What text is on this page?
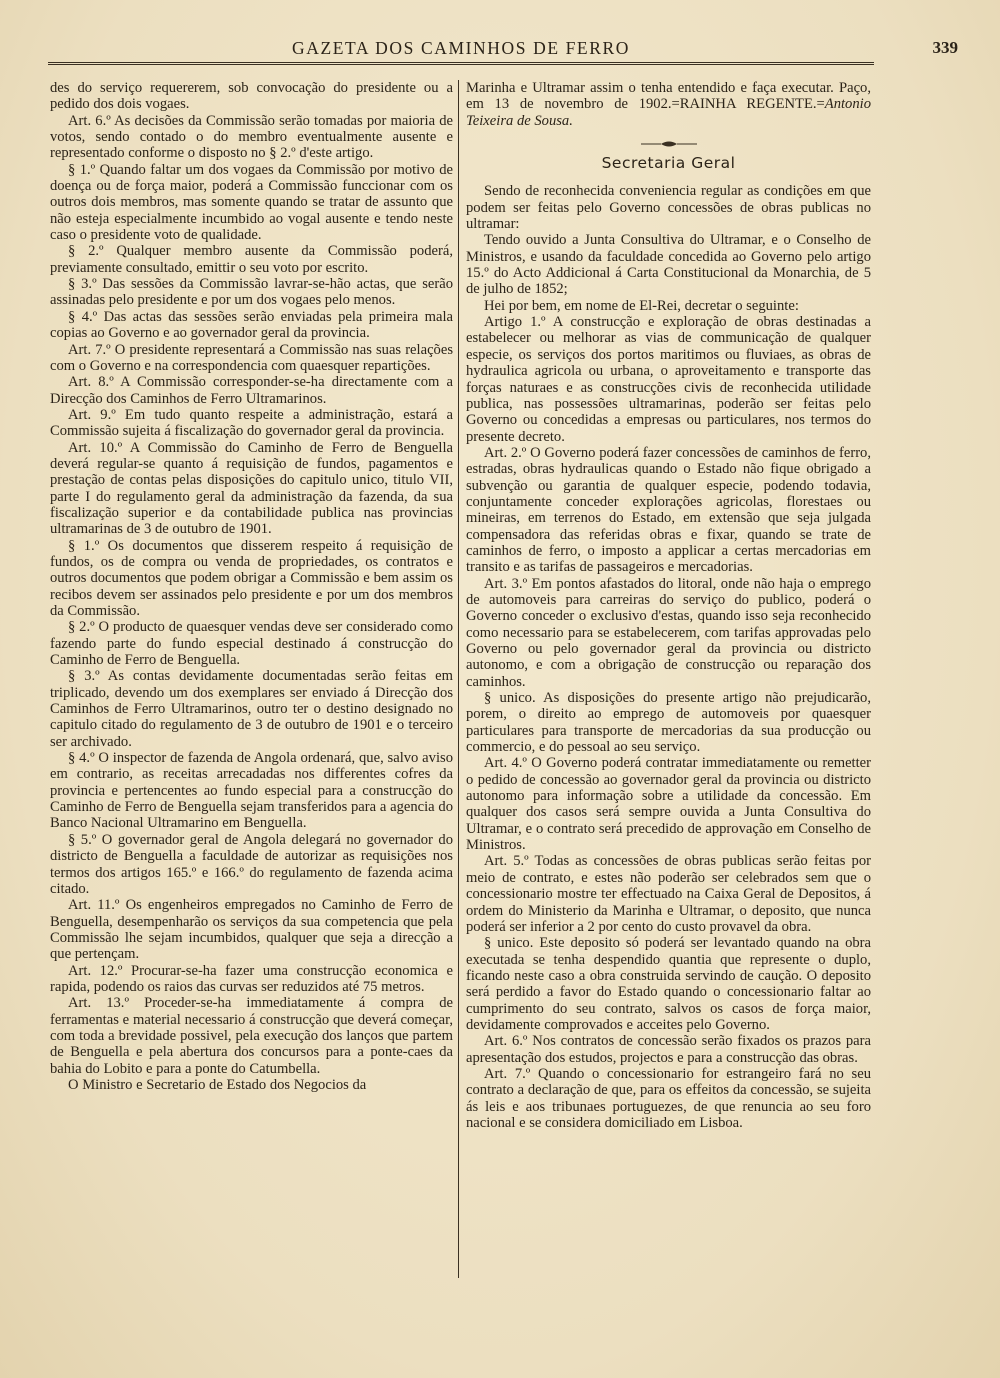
GAZETA DOS CAMINHOS DE FERRO	339

des do serviço requererem, sob convocação do presidente ou a pedido dos dois vogaes.

Art. 6.º As decisões da Commissão serão tomadas por maioria de votos, sendo contado o do membro eventualmente ausente e representado conforme o disposto no § 2.º d'este artigo.

§ 1.º Quando faltar um dos vogaes da Commissão por motivo de doença ou de força maior, poderá a Commissão funccionar com os outros dois membros, mas somente quando se tratar de assunto que não esteja especialmente incumbido ao vogal ausente e tendo neste caso o presidente voto de qualidade.

§ 2.º Qualquer membro ausente da Commissão poderá, previamente consultado, emittir o seu voto por escrito.

§ 3.º Das sessões da Commissão lavrar-se-hão actas, que serão assinadas pelo presidente e por um dos vogaes pelo menos.

§ 4.º Das actas das sessões serão enviadas pela primeira mala copias ao Governo e ao governador geral da provincia.

Art. 7.º O presidente representará a Commissão nas suas relações com o Governo e na correspondencia com quaesquer repartições.

Art. 8.º A Commissão corresponder-se-ha directamente com a Direcção dos Caminhos de Ferro Ultramarinos.

Art. 9.º Em tudo quanto respeite a administração, estará a Commissão sujeita á fiscalização do governador geral da provincia.

Art. 10.º A Commissão do Caminho de Ferro de Benguella deverá regular-se quanto á requisição de fundos, pagamentos e prestação de contas pelas disposições do capitulo unico, titulo VII, parte I do regulamento geral da administração da fazenda, da sua fiscalização superior e da contabilidade publica nas provincias ultramarinas de 3 de outubro de 1901.

§ 1.º Os documentos que disserem respeito á requisição de fundos, os de compra ou venda de propriedades, os contratos e outros documentos que podem obrigar a Commissão e bem assim os recibos devem ser assinados pelo presidente e por um dos membros da Commissão.

§ 2.º O producto de quaesquer vendas deve ser considerado como fazendo parte do fundo especial destinado á construcção do Caminho de Ferro de Benguella.

§ 3.º As contas devidamente documentadas serão feitas em triplicado, devendo um dos exemplares ser enviado á Direcção dos Caminhos de Ferro Ultramarinos, outro ter o destino designado no capitulo citado do regulamento de 3 de outubro de 1901 e o terceiro ser archivado.

§ 4.º O inspector de fazenda de Angola ordenará, que, salvo aviso em contrario, as receitas arrecadadas nos differentes cofres da provincia e pertencentes ao fundo especial para a construcção do Caminho de Ferro de Benguella sejam transferidos para a agencia do Banco Nacional Ultramarino em Benguella.

§ 5.º O governador geral de Angola delegará no governador do districto de Benguella a faculdade de autorizar as requisições nos termos dos artigos 165.º e 166.º do regulamento de fazenda acima citado.

Art. 11.º Os engenheiros empregados no Caminho de Ferro de Benguella, desempenharão os serviços da sua competencia que pela Commissão lhe sejam incumbidos, qualquer que seja a direcção a que pertençam.

Art. 12.º Procurar-se-ha fazer uma construcção economica e rapida, podendo os raios das curvas ser reduzidos até 75 metros.

Art. 13.º Proceder-se-ha immediatamente á compra de ferramentas e material necessario á construcção que deverá começar, com toda a brevidade possivel, pela execução dos lanços que partem de Benguella e pela abertura dos concursos para a ponte-caes da bahia do Lobito e para a ponte do Catumbella.

O Ministro e Secretario de Estado dos Negocios da

Marinha e Ultramar assim o tenha entendido e faça executar. Paço, em 13 de novembro de 1902.=RAINHA REGENTE.=Antonio Teixeira de Sousa.

Secretaria Geral

Sendo de reconhecida conveniencia regular as condições em que podem ser feitas pelo Governo concessões de obras publicas no ultramar:

Tendo ouvido a Junta Consultiva do Ultramar, e o Conselho de Ministros, e usando da faculdade concedida ao Governo pelo artigo 15.º do Acto Addicional á Carta Constitucional da Monarchia, de 5 de julho de 1852;

Hei por bem, em nome de El-Rei, decretar o seguinte:

Artigo 1.º A construcção e exploração de obras destinadas a estabelecer ou melhorar as vias de communicação de qualquer especie, os serviços dos portos maritimos ou fluviaes, as obras de hydraulica agricola ou urbana, o aproveitamento e transporte das forças naturaes e as construcções civis de reconhecida utilidade publica, nas possessões ultramarinas, poderão ser feitas pelo Governo ou concedidas a empresas ou particulares, nos termos do presente decreto.

Art. 2.º O Governo poderá fazer concessões de caminhos de ferro, estradas, obras hydraulicas quando o Estado não fique obrigado a subvenção ou garantia de qualquer especie, podendo todavia, conjuntamente conceder explorações agricolas, florestaes ou mineiras, em terrenos do Estado, em extensão que seja julgada compensadora das referidas obras e fixar, quando se trate de caminhos de ferro, o imposto a applicar a certas mercadorias em transito e as tarifas de passageiros e mercadorias.

Art. 3.º Em pontos afastados do litoral, onde não haja o emprego de automoveis para carreiras do serviço do publico, poderá o Governo conceder o exclusivo d'estas, quando isso seja reconhecido como necessario para se estabelecerem, com tarifas approvadas pelo Governo ou pelo governador geral da provincia ou districto autonomo, e com a obrigação de construcção ou reparação dos caminhos.

§ unico. As disposições do presente artigo não prejudicarão, porem, o direito ao emprego de automoveis por quaesquer particulares para transporte de mercadorias da sua producção ou commercio, e do pessoal ao seu serviço.

Art. 4.º O Governo poderá contratar immediatamente ou remetter o pedido de concessão ao governador geral da provincia ou districto autonomo para informação sobre a utilidade da concessão. Em qualquer dos casos será sempre ouvida a Junta Consultiva do Ultramar, e o contrato será precedido de approvação em Conselho de Ministros.

Art. 5.º Todas as concessões de obras publicas serão feitas por meio de contrato, e estes não poderão ser celebrados sem que o concessionario mostre ter effectuado na Caixa Geral de Depositos, á ordem do Ministerio da Marinha e Ultramar, o deposito, que nunca poderá ser inferior a 2 por cento do custo provavel da obra.

§ unico. Este deposito só poderá ser levantado quando na obra executada se tenha despendido quantia que represente o duplo, ficando neste caso a obra construida servindo de caução. O deposito será perdido a favor do Estado quando o concessionario faltar ao cumprimento do seu contrato, salvos os casos de força maior, devidamente comprovados e acceites pelo Governo.

Art. 6.º Nos contratos de concessão serão fixados os prazos para apresentação dos estudos, projectos e para a construcção das obras.

Art. 7.º Quando o concessionario for estrangeiro fará no seu contrato a declaração de que, para os effeitos da concessão, se sujeita ás leis e aos tribunaes portuguezes, de que renuncia ao seu foro nacional e se considera domiciliado em Lisboa.
